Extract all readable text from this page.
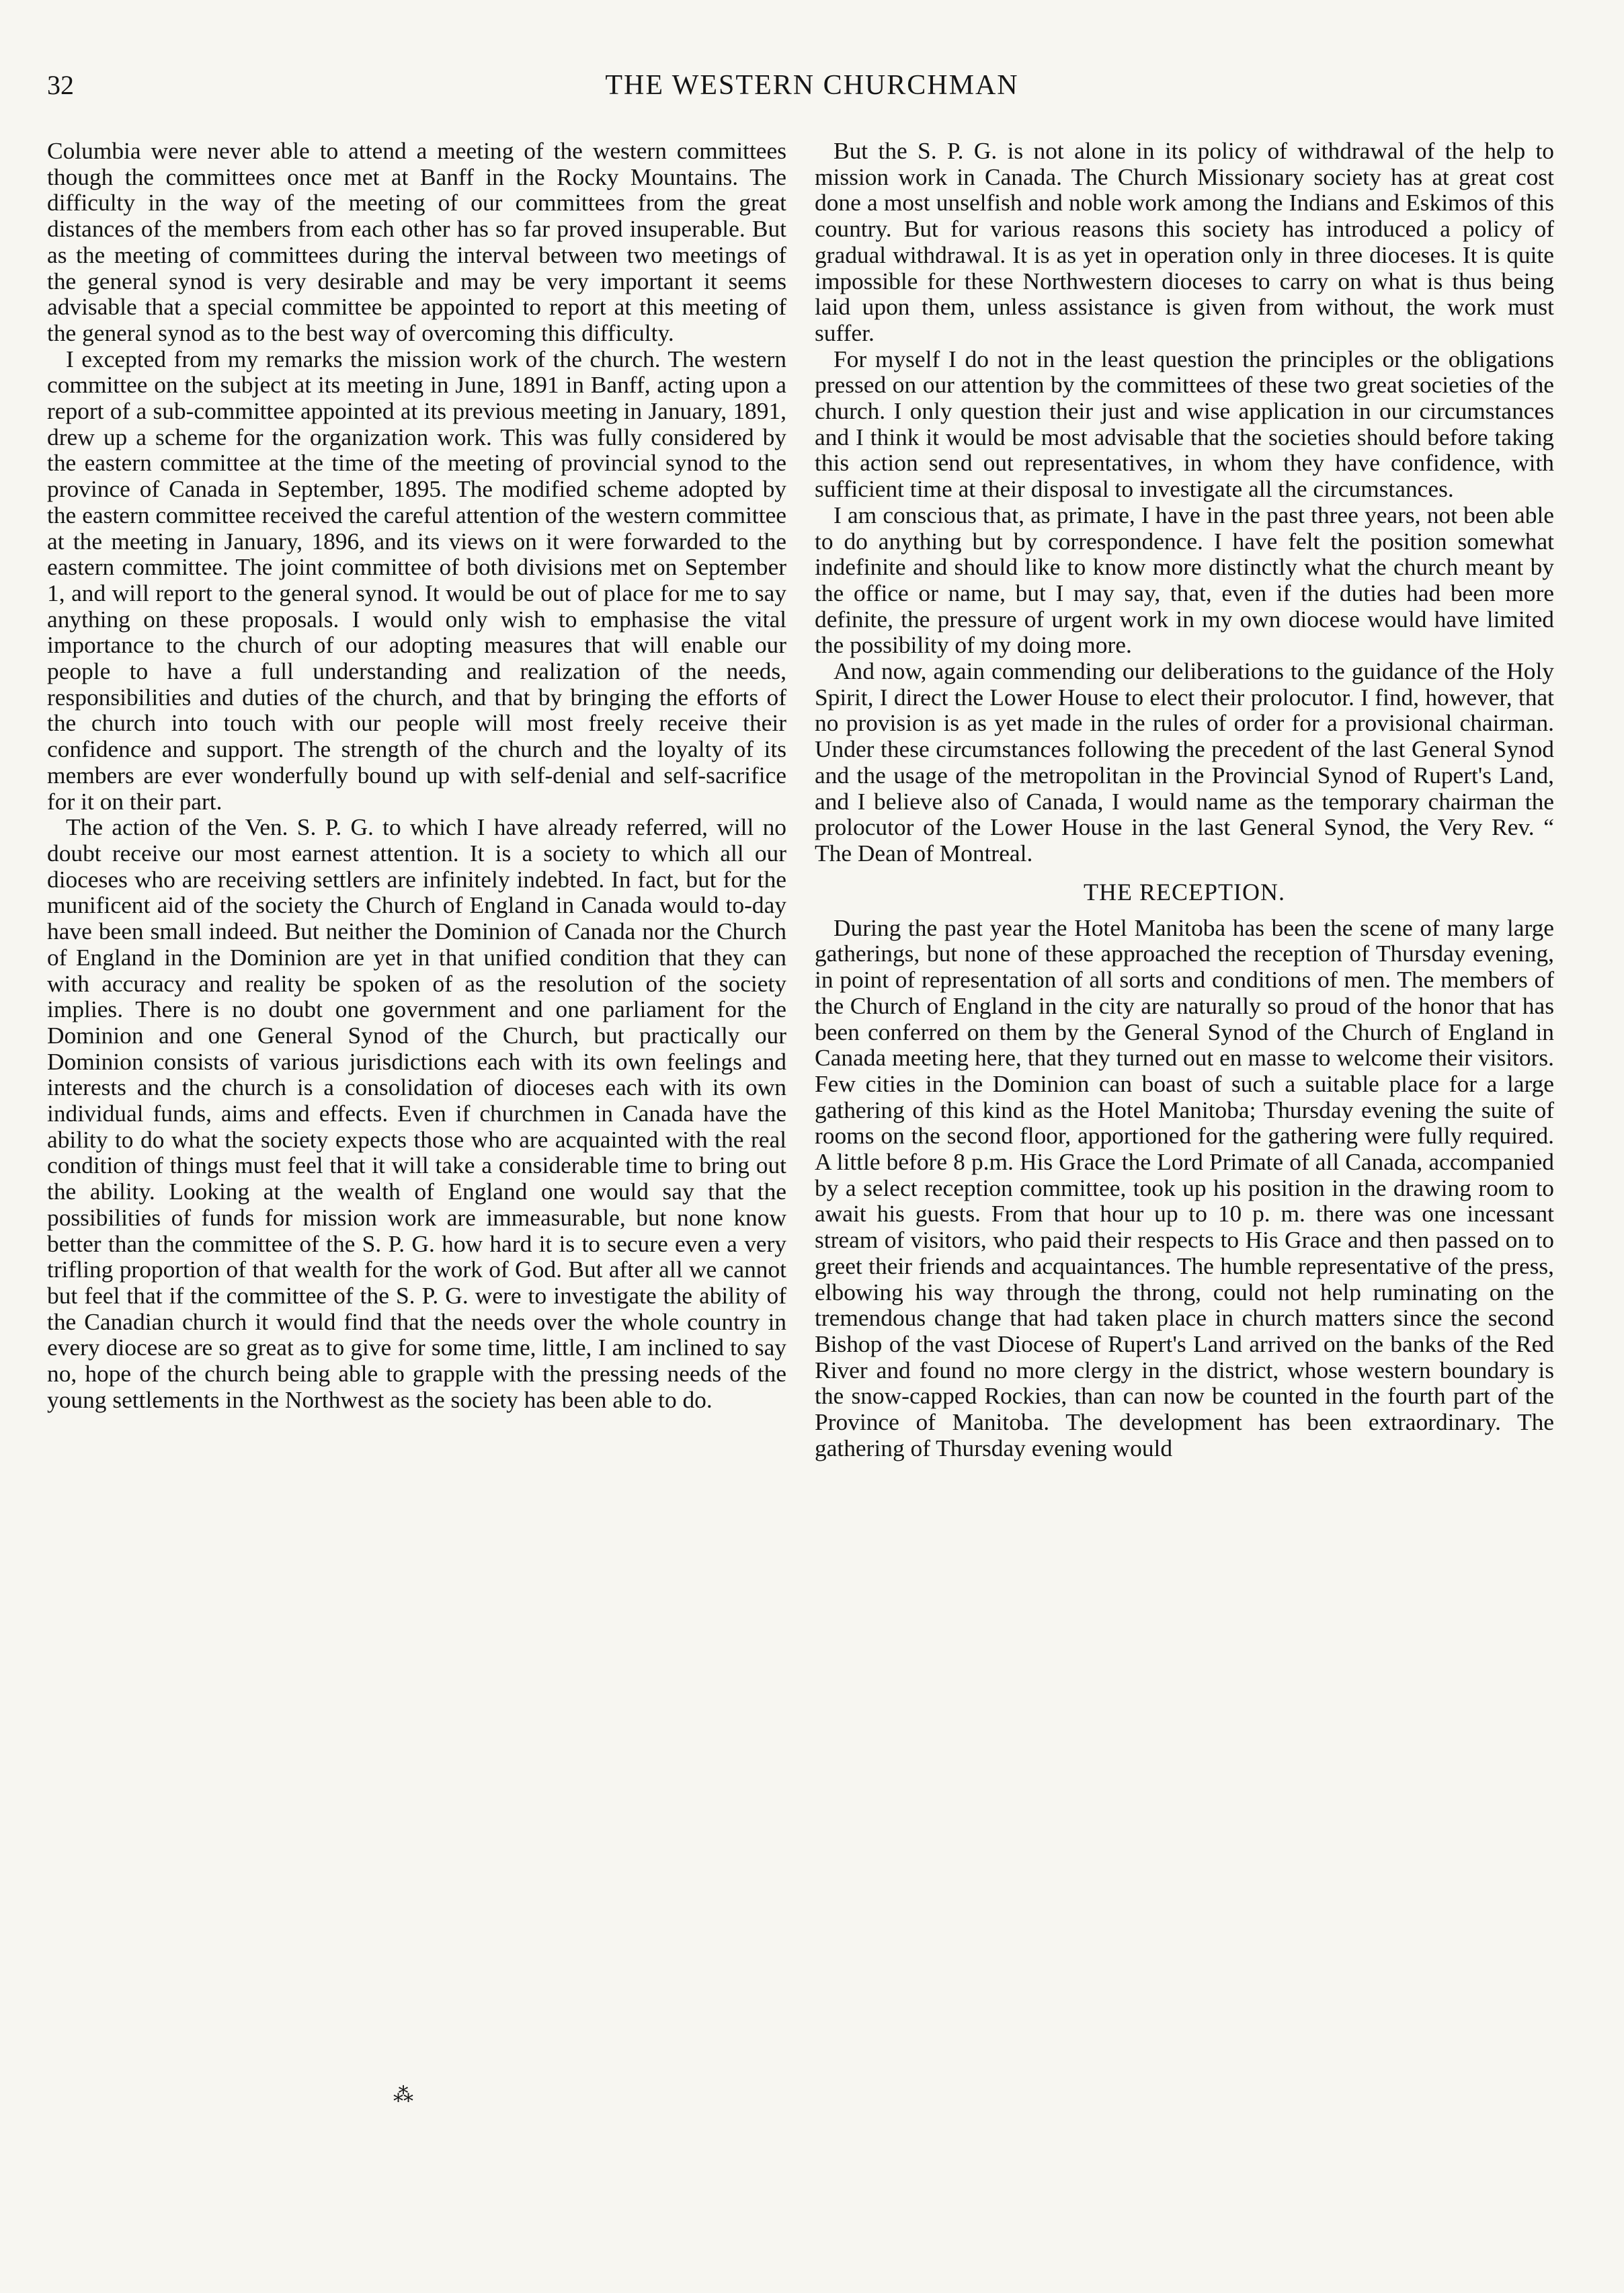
32	THE WESTERN CHURCHMAN

Columbia were never able to attend a meeting of the western committees though the committees once met at Banff in the Rocky Mountains. The difficulty in the way of the meeting of our committees from the great distances of the members from each other has so far proved insuperable. But as the meeting of committees during the interval between two meetings of the general synod is very desirable and may be very important it seems advisable that a special committee be appointed to report at this meeting of the general synod as to the best way of overcoming this difficulty.

I excepted from my remarks the mission work of the church. The western committee on the subject at its meeting in June, 1891 in Banff, acting upon a report of a sub-committee appointed at its previous meeting in January, 1891, drew up a scheme for the organization work. This was fully considered by the eastern committee at the time of the meeting of provincial synod to the province of Canada in September, 1895. The modified scheme adopted by the eastern committee received the careful attention of the western committee at the meeting in January, 1896, and its views on it were forwarded to the eastern committee. The joint committee of both divisions met on September 1, and will report to the general synod. It would be out of place for me to say anything on these proposals. I would only wish to emphasise the vital importance to the church of our adopting measures that will enable our people to have a full understanding and realization of the needs, responsibilities and duties of the church, and that by bringing the efforts of the church into touch with our people will most freely receive their confidence and support. The strength of the church and the loyalty of its members are ever wonderfully bound up with self-denial and self-sacrifice for it on their part.

The action of the Ven. S. P. G. to which I have already referred, will no doubt receive our most earnest attention. It is a society to which all our dioceses who are receiving settlers are infinitely indebted. In fact, but for the munificent aid of the society the Church of England in Canada would to-day have been small indeed. But neither the Dominion of Canada nor the Church of England in the Dominion are yet in that unified condition that they can with accuracy and reality be spoken of as the resolution of the society implies. There is no doubt one government and one parliament for the Dominion and one General Synod of the Church, but practically our Dominion consists of various jurisdictions each with its own feelings and interests and the church is a consolidation of dioceses each with its own individual funds, aims and effects. Even if churchmen in Canada have the ability to do what the society expects those who are acquainted with the real condition of things must feel that it will take a considerable time to bring out the ability. Looking at the wealth of England one would say that the possibilities of funds for mission work are immeasurable, but none know better than the committee of the S. P. G. how hard it is to secure even a very trifling proportion of that wealth for the work of God. But after all we cannot but feel that if the committee of the S. P. G. were to investigate the ability of the Canadian church it would find that the needs over the whole country in every diocese are so great as to give for some time, little, I am inclined to say no, hope of the church being able to grapple with the pressing needs of the young settlements in the Northwest as the society has been able to do.

But the S. P. G. is not alone in its policy of withdrawal of the help to mission work in Canada. The Church Missionary society has at great cost done a most unselfish and noble work among the Indians and Eskimos of this country. But for various reasons this society has introduced a policy of gradual withdrawal. It is as yet in operation only in three dioceses. It is quite impossible for these Northwestern dioceses to carry on what is thus being laid upon them, unless assistance is given from without, the work must suffer.

For myself I do not in the least question the principles or the obligations pressed on our attention by the committees of these two great societies of the church. I only question their just and wise application in our circumstances and I think it would be most advisable that the societies should before taking this action send out representatives, in whom they have confidence, with sufficient time at their disposal to investigate all the circumstances.

I am conscious that, as primate, I have in the past three years, not been able to do anything but by correspondence. I have felt the position somewhat indefinite and should like to know more distinctly what the church meant by the office or name, but I may say, that, even if the duties had been more definite, the pressure of urgent work in my own diocese would have limited the possibility of my doing more.

And now, again commending our deliberations to the guidance of the Holy Spirit, I direct the Lower House to elect their prolocutor. I find, however, that no provision is as yet made in the rules of order for a provisional chairman. Under these circumstances following the precedent of the last General Synod and the usage of the metropolitan in the Provincial Synod of Rupert's Land, and I believe also of Canada, I would name as the temporary chairman the prolocutor of the Lower House in the last General Synod, the Very Rev. “ The Dean of Montreal.

THE RECEPTION.

During the past year the Hotel Manitoba has been the scene of many large gatherings, but none of these approached the reception of Thursday evening, in point of representation of all sorts and conditions of men. The members of the Church of England in the city are naturally so proud of the honor that has been conferred on them by the General Synod of the Church of England in Canada meeting here, that they turned out en masse to welcome their visitors. Few cities in the Dominion can boast of such a suitable place for a large gathering of this kind as the Hotel Manitoba; Thursday evening the suite of rooms on the second floor, apportioned for the gathering were fully required. A little before 8 p.m. His Grace the Lord Primate of all Canada, accompanied by a select reception committee, took up his position in the drawing room to await his guests. From that hour up to 10 p. m. there was one incessant stream of visitors, who paid their respects to His Grace and then passed on to greet their friends and acquaintances. The humble representative of the press, elbowing his way through the throng, could not help ruminating on the tremendous change that had taken place in church matters since the second Bishop of the vast Diocese of Rupert's Land arrived on the banks of the Red River and found no more clergy in the district, whose western boundary is the snow-capped Rockies, than can now be counted in the fourth part of the Province of Manitoba. The development has been extraordinary. The gathering of Thursday evening would

⁂
